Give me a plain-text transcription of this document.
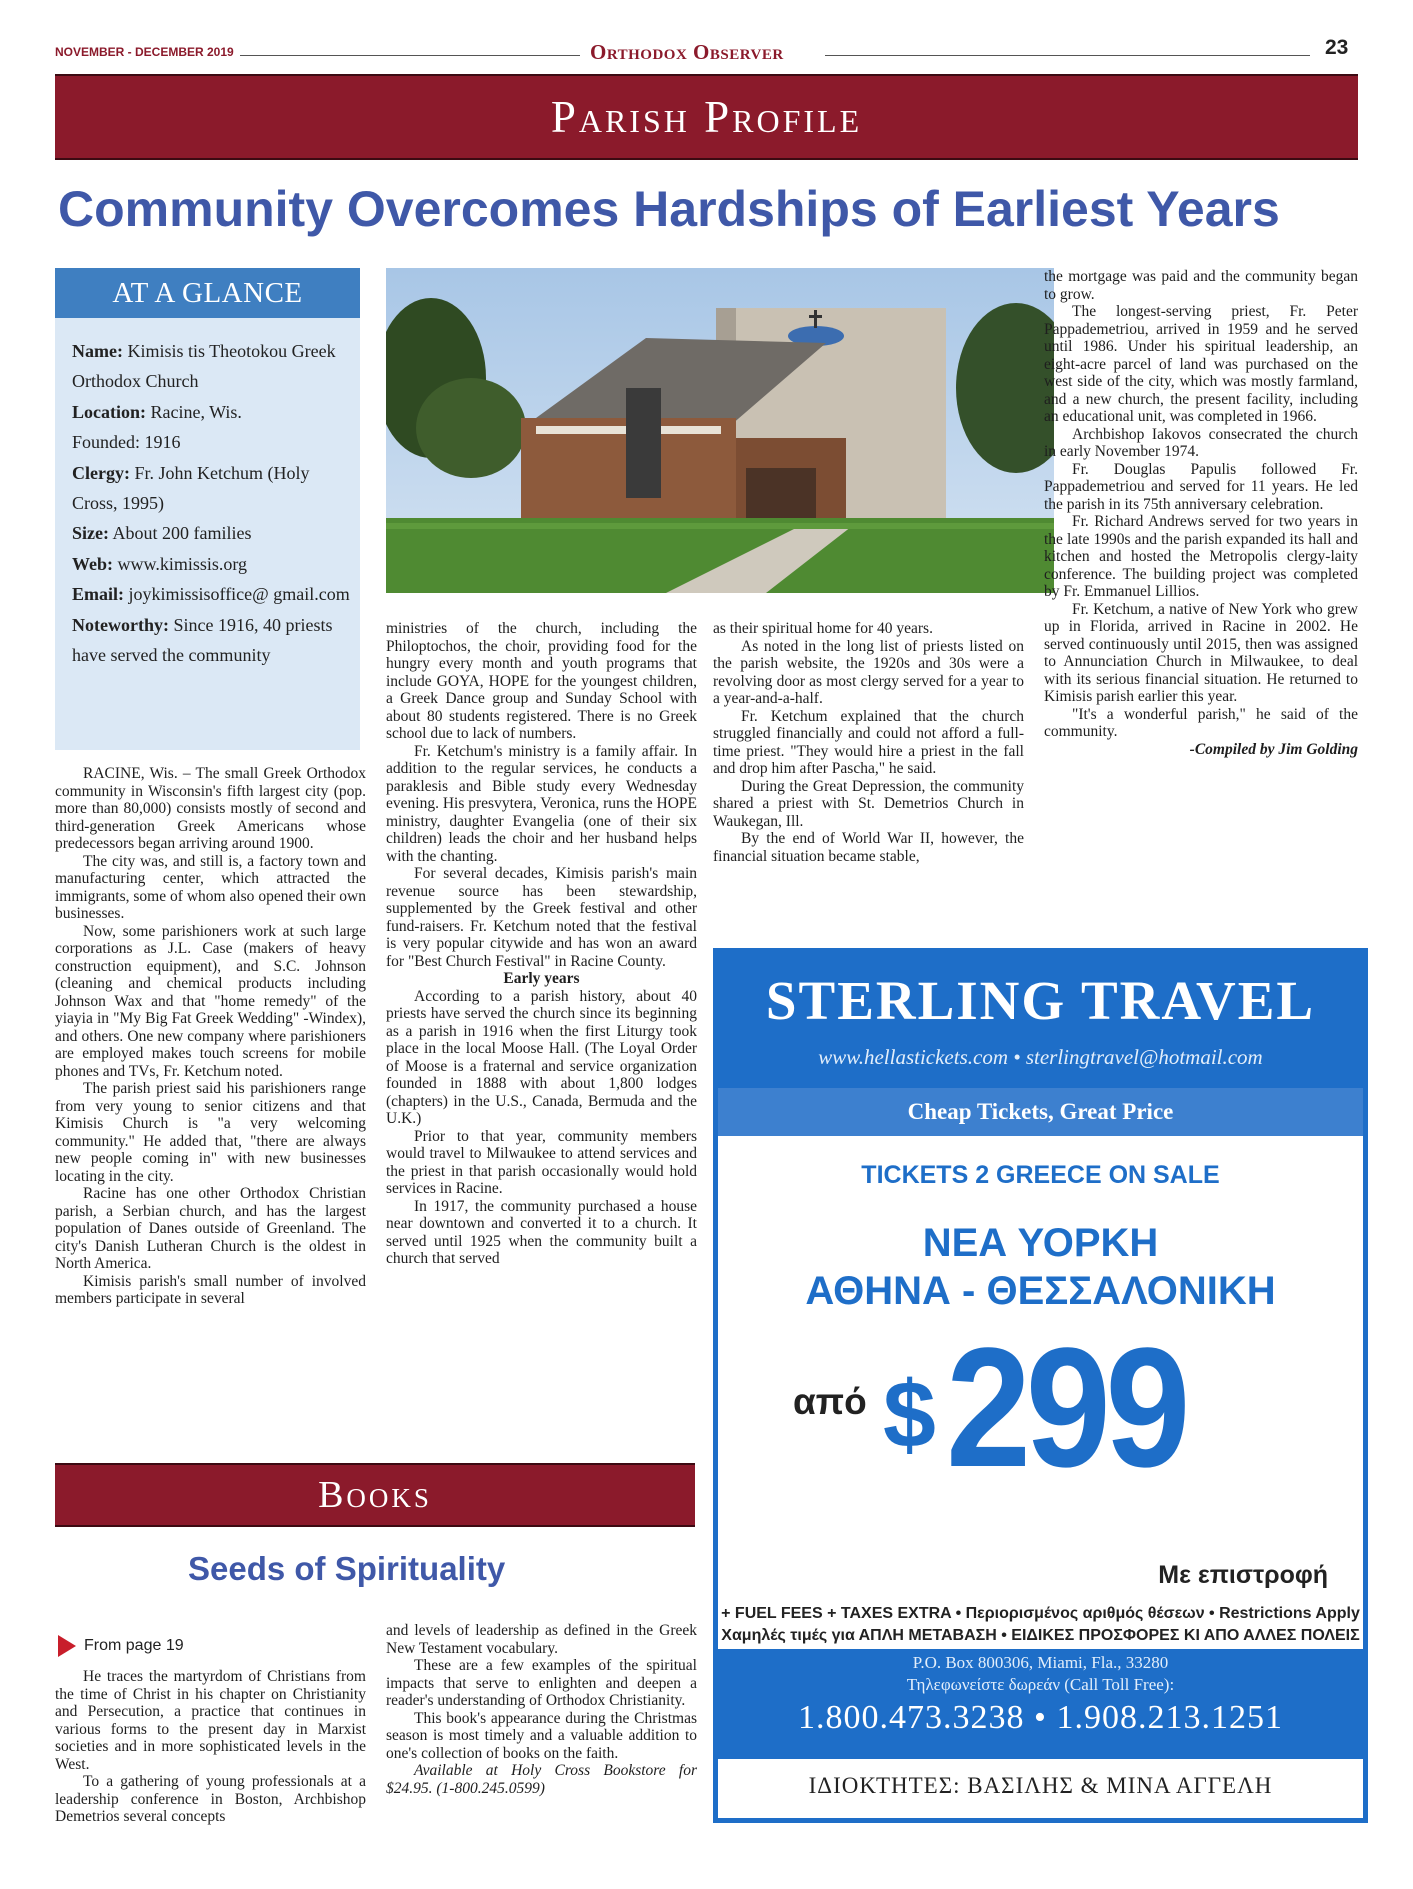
NOVEMBER - DECEMBER 2019	Orthodox Observer	23
Parish Profile
Community Overcomes Hardships of Earliest Years
AT A GLANCE
Name: Kimisis tis Theotokou Greek Orthodox Church
Location: Racine, Wis.
Founded: 1916
Clergy: Fr. John Ketchum (Holy Cross, 1995)
Size: About 200 families
Web: www.kimissis.org
Email: joykimissisoffice@ gmail.com
Noteworthy: Since 1916, 40 priests have served the community

RACINE, Wis. – The small Greek Orthodox community in Wisconsin's fifth largest city (pop. more than 80,000) consists mostly of second and third-generation Greek Americans whose predecessors began arriving around 1900.

The city was, and still is, a factory town and manufacturing center, which attracted the immigrants, some of whom also opened their own businesses.

Now, some parishioners work at such large corporations as J.L. Case (makers of heavy construction equipment), and S.C. Johnson (cleaning and chemical products including Johnson Wax and that "home remedy" of the yiayia in "My Big Fat Greek Wedding" -Windex), and others. One new company where parishioners are employed makes touch screens for mobile phones and TVs, Fr. Ketchum noted.

The parish priest said his parishioners range from very young to senior citizens and that Kimisis Church is "a very welcoming community." He added that, "there are always new people coming in" with new businesses locating in the city.

Racine has one other Orthodox Christian parish, a Serbian church, and has the largest population of Danes outside of Greenland. The city's Danish Lutheran Church is the oldest in North America.

Kimisis parish's small number of involved members participate in several

ministries of the church, including the Philoptochos, the choir, providing food for the hungry every month and youth programs that include GOYA, HOPE for the youngest children, a Greek Dance group and Sunday School with about 80 students registered. There is no Greek school due to lack of numbers.

Fr. Ketchum's ministry is a family affair. In addition to the regular services, he conducts a paraklesis and Bible study every Wednesday evening. His presvytera, Veronica, runs the HOPE ministry, daughter Evangelia (one of their six children) leads the choir and her husband helps with the chanting.

For several decades, Kimisis parish's main revenue source has been stewardship, supplemented by the Greek festival and other fund-raisers. Fr. Ketchum noted that the festival is very popular citywide and has won an award for "Best Church Festival" in Racine County.

Early years

According to a parish history, about 40 priests have served the church since its beginning as a parish in 1916 when the first Liturgy took place in the local Moose Hall. (The Loyal Order of Moose is a fraternal and service organization founded in 1888 with about 1,800 lodges (chapters) in the U.S., Canada, Bermuda and the U.K.)

Prior to that year, community members would travel to Milwaukee to attend services and the priest in that parish occasionally would hold services in Racine.

In 1917, the community purchased a house near downtown and converted it to a church. It served until 1925 when the community built a church that served

as their spiritual home for 40 years.

As noted in the long list of priests listed on the parish website, the 1920s and 30s were a revolving door as most clergy served for a year to a year-and-a-half.

Fr. Ketchum explained that the church struggled financially and could not afford a full-time priest. "They would hire a priest in the fall and drop him after Pascha," he said.

During the Great Depression, the community shared a priest with St. Demetrios Church in Waukegan, Ill.

By the end of World War II, however, the financial situation became stable,

the mortgage was paid and the community began to grow.

The longest-serving priest, Fr. Peter Pappademetriou, arrived in 1959 and he served until 1986. Under his spiritual leadership, an eight-acre parcel of land was purchased on the west side of the city, which was mostly farmland, and a new church, the present facility, including an educational unit, was completed in 1966.

Archbishop Iakovos consecrated the church in early November 1974.

Fr. Douglas Papulis followed Fr. Pappademetriou and served for 11 years. He led the parish in its 75th anniversary celebration.

Fr. Richard Andrews served for two years in the late 1990s and the parish expanded its hall and kitchen and hosted the Metropolis clergy-laity conference. The building project was completed by Fr. Emmanuel Lillios.

Fr. Ketchum, a native of New York who grew up in Florida, arrived in Racine in 2002. He served continuously until 2015, then was assigned to Annunciation Church in Milwaukee, to deal with its serious financial situation. He returned to Kimisis parish earlier this year.

"It's a wonderful parish," he said of the community.

-Compiled by Jim Golding

STERLING TRAVEL
www.hellastickets.com • sterlingtravel@hotmail.com
Cheap Tickets, Great Price
TICKETS 2 GREECE ON SALE
ΝΕΑ ΥΟΡΚΗ
ΑΘΗΝΑ - ΘΕΣΣΑΛΟΝΙΚΗ
από $ 299
Με επιστροφή
+ FUEL FEES + TAXES EXTRA • Περιορισμένος αριθμός θέσεων • Restrictions Apply
Χαμηλές τιμές για ΑΠΛΗ ΜΕΤΑΒΑΣΗ • ΕΙΔΙΚΕΣ ΠΡΟΣΦΟΡΕΣ ΚΙ ΑΠΟ ΑΛΛΕΣ ΠΟΛΕΙΣ
P.O. Box 800306, Miami, Fla., 33280
Τηλεφωνείστε δωρεάν (Call Toll Free):
1.800.473.3238 • 1.908.213.1251
ΙΔΙΟΚΤΗΤΕΣ: ΒΑΣΙΛΗΣ & ΜΙΝΑ ΑΓΓΕΛΗ
Books
Seeds of Spirituality
From page 19

He traces the martyrdom of Christians from the time of Christ in his chapter on Christianity and Persecution, a practice that continues in various forms to the present day in Marxist societies and in more sophisticated levels in the West.

To a gathering of young professionals at a leadership conference in Boston, Archbishop Demetrios several concepts

and levels of leadership as defined in the Greek New Testament vocabulary.

These are a few examples of the spiritual impacts that serve to enlighten and deepen a reader's understanding of Orthodox Christianity.

This book's appearance during the Christmas season is most timely and a valuable addition to one's collection of books on the faith.

Available at Holy Cross Bookstore for $24.95. (1-800.245.0599)
